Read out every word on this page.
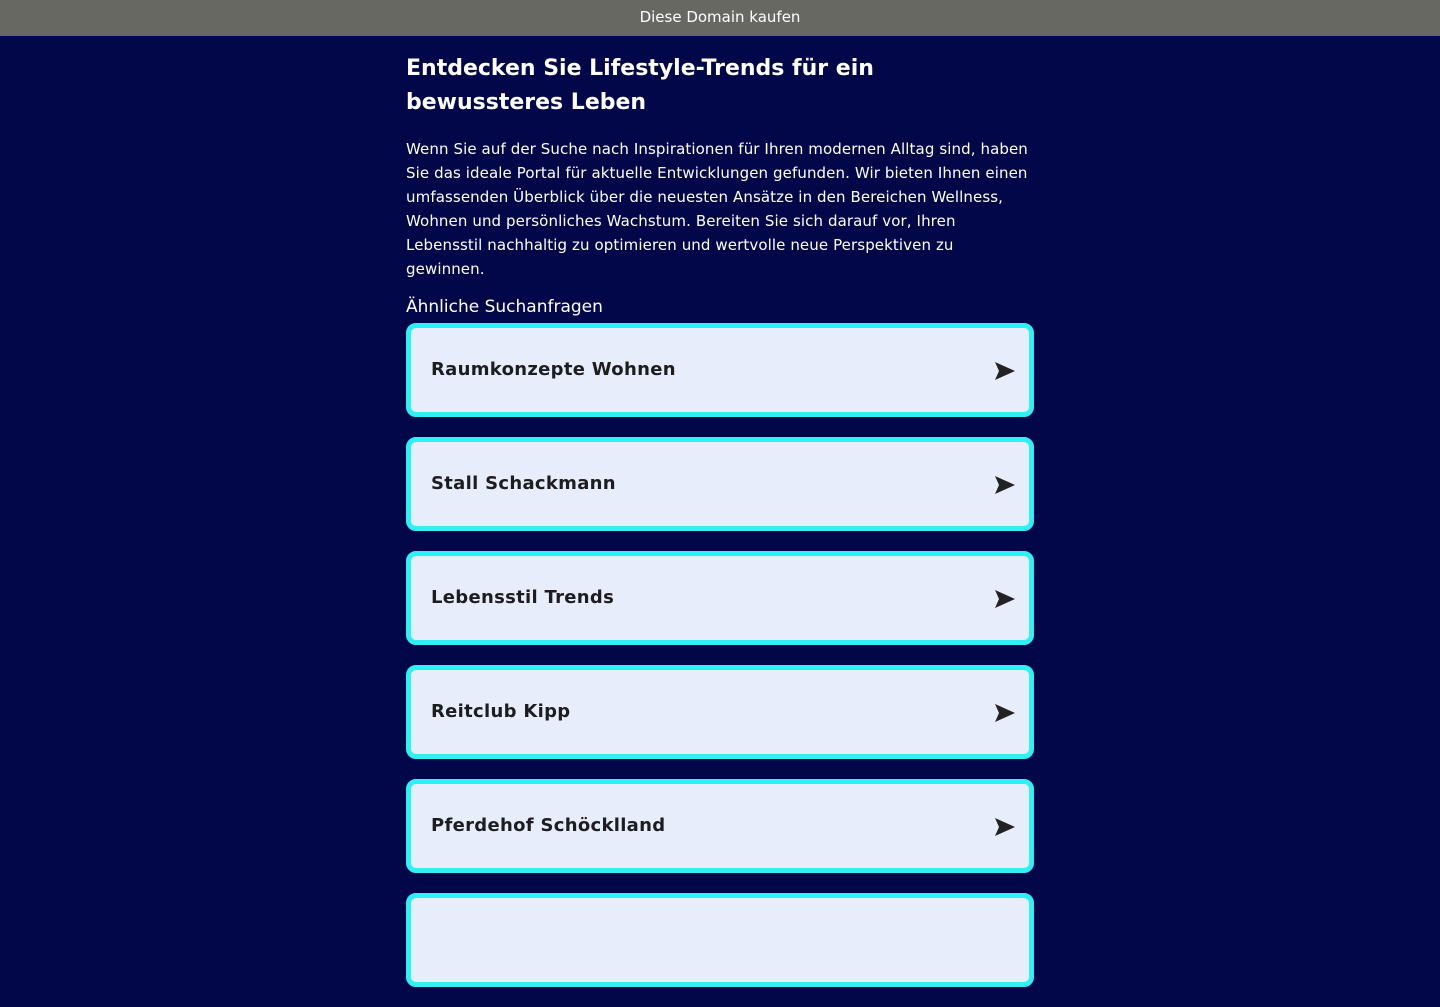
Diese Domain kaufen
Entdecken Sie Lifestyle-Trends für ein bewussteres Leben
Wenn Sie auf der Suche nach Inspirationen für Ihren modernen Alltag sind, haben Sie das ideale Portal für aktuelle Entwicklungen gefunden. Wir bieten Ihnen einen umfassenden Überblick über die neuesten Ansätze in den Bereichen Wellness, Wohnen und persönliches Wachstum. Bereiten Sie sich darauf vor, Ihren Lebensstil nachhaltig zu optimieren und wertvolle neue Perspektiven zu gewinnen.
Ähnliche Suchanfragen
Raumkonzepte Wohnen
Stall Schackmann
Lebensstil Trends
Reitclub Kipp
Pferdehof Schöcklland
